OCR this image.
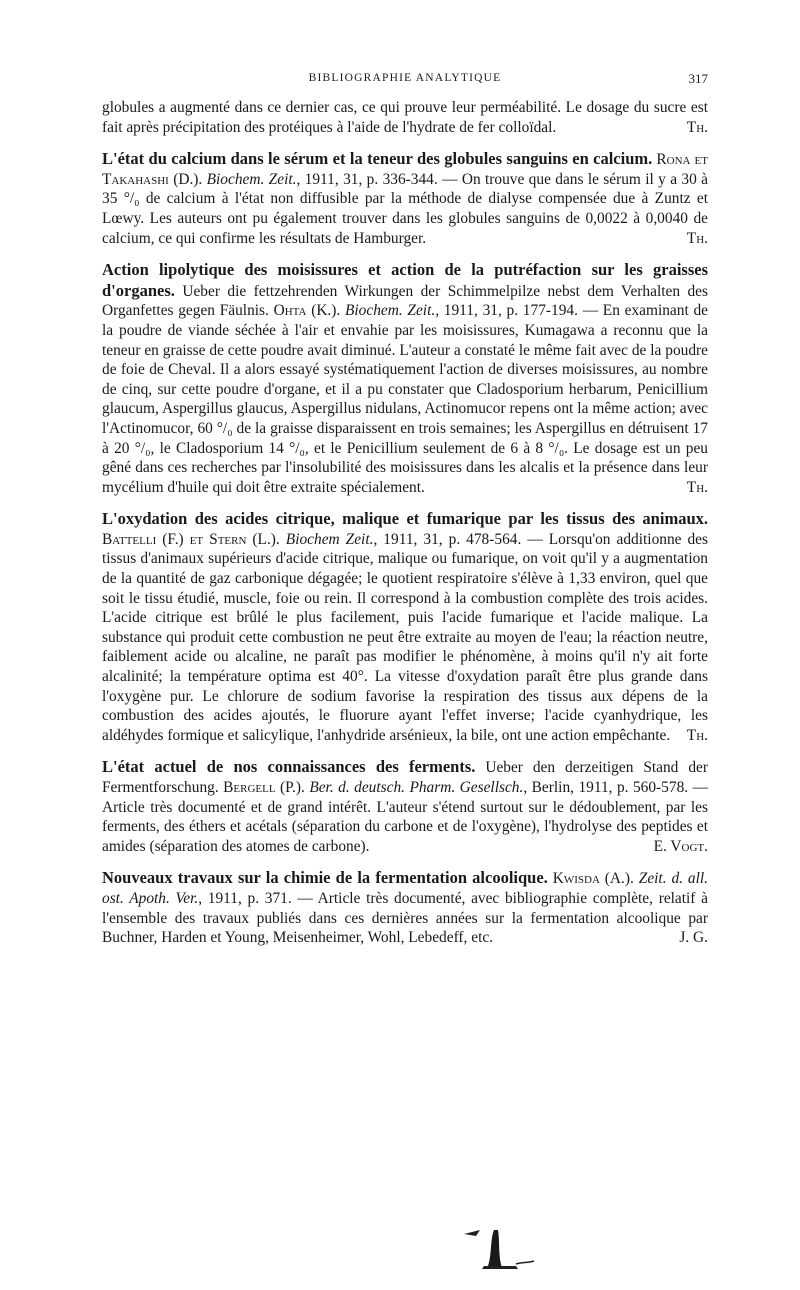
BIBLIOGRAPHIE ANALYTIQUE	317

globules a augmenté dans ce dernier cas, ce qui prouve leur perméabilité. Le dosage du sucre est fait après précipitation des protéiques à l'aide de l'hydrate de fer colloïdal.	Th.

L'état du calcium dans le sérum et la teneur des globules sanguins en calcium. Rona et Takahashi (D.). Biochem. Zeit., 1911, 31, p. 336-344. — On trouve que dans le sérum il y a 30 à 35 °/₀ de calcium à l'état non diffusible par la méthode de dialyse compensée due à Zuntz et Lœwy. Les auteurs ont pu également trouver dans les globules sanguins de 0,0022 à 0,0040 de calcium, ce qui confirme les résultats de Hamburger.	Th.

Action lipolytique des moisissures et action de la putréfaction sur les graisses d'organes. Ueber die fettzehrenden Wirkungen der Schimmelpilze nebst dem Verhalten des Organfettes gegen Fäulnis. Ohta (K.). Biochem. Zeit., 1911, 31, p. 177-194. — En examinant de la poudre de viande séchée à l'air et envahie par les moisissures, Kumagawa a reconnu que la teneur en graisse de cette poudre avait diminué. L'auteur a constaté le même fait avec de la poudre de foie de Cheval. Il a alors essayé systématiquement l'action de diverses moisissures, au nombre de cinq, sur cette poudre d'organe, et il a pu constater que Cladosporium herbarum, Penicillium glaucum, Aspergillus glaucus, Aspergillus nidulans, Actinomucor repens ont la même action; avec l'Actinomucor, 60 °/₀ de la graisse disparaissent en trois semaines; les Aspergillus en détruisent 17 à 20 °/₀, le Cladosporium 14 °/₀, et le Penicillium seulement de 6 à 8 °/₀. Le dosage est un peu gêné dans ces recherches par l'insolubilité des moisissures dans les alcalis et la présence dans leur mycélium d'huile qui doit être extraite spécialement.	Th.

L'oxydation des acides citrique, malique et fumarique par les tissus des animaux. Battelli (F.) et Stern (L.). Biochem Zeit., 1911, 31, p. 478-564. — Lorsqu'on additionne des tissus d'animaux supérieurs d'acide citrique, malique ou fumarique, on voit qu'il y a augmentation de la quantité de gaz carbonique dégagée; le quotient respiratoire s'élève à 1,33 environ, quel que soit le tissu étudié, muscle, foie ou rein. Il correspond à la combustion complète des trois acides. L'acide citrique est brûlé le plus facilement, puis l'acide fumarique et l'acide malique. La substance qui produit cette combustion ne peut être extraite au moyen de l'eau; la réaction neutre, faiblement acide ou alcaline, ne paraît pas modifier le phénomène, à moins qu'il n'y ait forte alcalinité; la température optima est 40°. La vitesse d'oxydation paraît être plus grande dans l'oxygène pur. Le chlorure de sodium favorise la respiration des tissus aux dépens de la combustion des acides ajoutés, le fluorure ayant l'effet inverse; l'acide cyanhydrique, les aldéhydes formique et salicylique, l'anhydride arsénieux, la bile, ont une action empêchante. Th.

L'état actuel de nos connaissances des ferments. Ueber den derzeitigen Stand der Fermentforschung. Bergell (P.). Ber. d. deutsch. Pharm. Gesellsch., Berlin, 1911, p. 560-578. — Article très documenté et de grand intérêt. L'auteur s'étend surtout sur le dédoublement, par les ferments, des éthers et acétals (séparation du carbone et de l'oxygène), l'hydrolyse des peptides et amides (séparation des atomes de carbone).	E. Vogt.

Nouveaux travaux sur la chimie de la fermentation alcoolique. Kwisda (A.). Zeit. d. all. ost. Apoth. Ver., 1911, p. 371. — Article très documenté, avec bibliographie complète, relatif à l'ensemble des travaux publiés dans ces dernières années sur la fermentation alcoolique par Buchner, Harden et Young, Meisenheimer, Wohl, Lebedeff, etc.	J. G.
